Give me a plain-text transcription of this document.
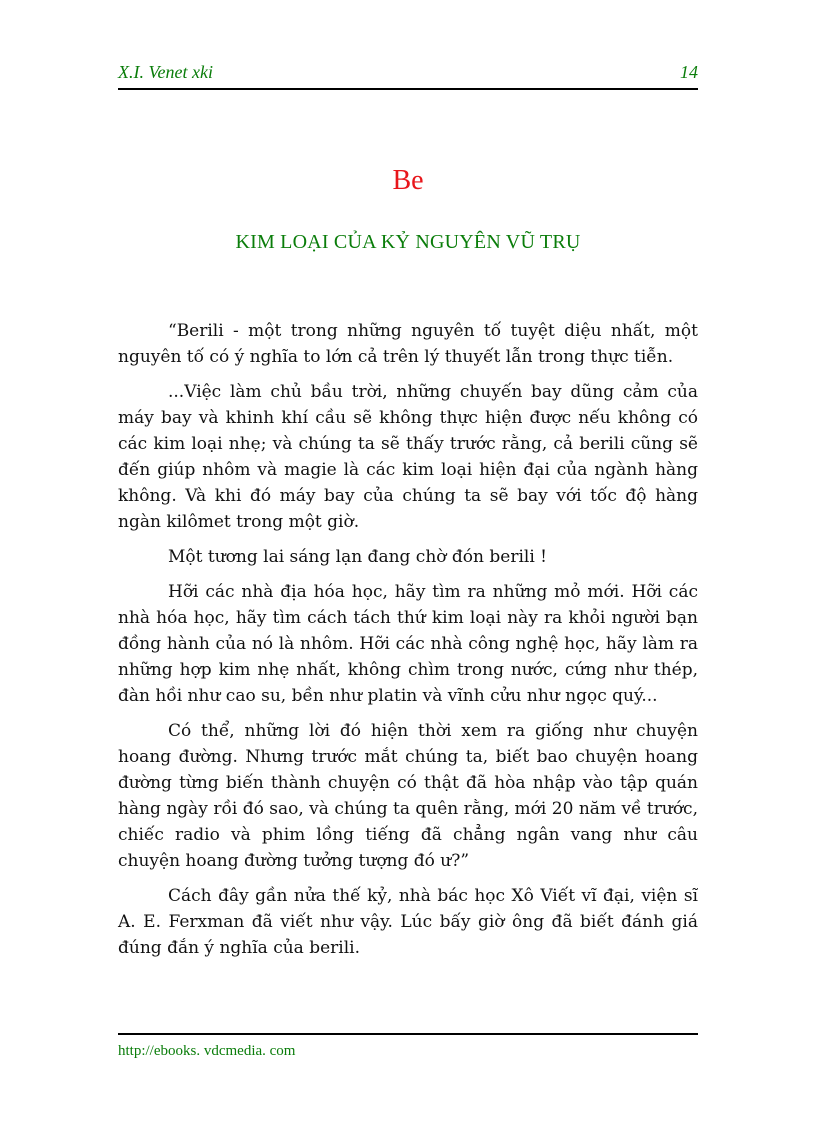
X.I. Venet xki	14
Be
KIM LOẠI CỦA KỶ NGUYÊN VŨ TRỤ

“Berili - một trong những nguyên tố tuyệt diệu nhất, một nguyên tố có ý nghĩa to lớn cả trên lý thuyết lẫn trong thực tiễn.

...Việc làm chủ bầu trời, những chuyến bay dũng cảm của máy bay và khinh khí cầu sẽ không thực hiện được nếu không có các kim loại nhẹ; và chúng ta sẽ thấy trước rằng, cả berili cũng sẽ đến giúp nhôm và magie là các kim loại hiện đại của ngành hàng không. Và khi đó máy bay của chúng ta sẽ bay với tốc độ hàng ngàn kilômet trong một giờ.

Một tương lai sáng lạn đang chờ đón berili !

Hỡi các nhà địa hóa học, hãy tìm ra những mỏ mới. Hỡi các nhà hóa học, hãy tìm cách tách thứ kim loại này ra khỏi người bạn đồng hành của nó là nhôm. Hỡi các nhà công nghệ học, hãy làm ra những hợp kim nhẹ nhất, không chìm trong nước, cứng như thép, đàn hồi như cao su, bền như platin và vĩnh cửu như ngọc quý...

Có thể, những lời đó hiện thời xem ra giống như chuyện hoang đường. Nhưng trước mắt chúng ta, biết bao chuyện hoang đường từng biến thành chuyện có thật đã hòa nhập vào tập quán hàng ngày rồi đó sao, và chúng ta quên rằng, mới 20 năm về trước, chiếc radio và phim lồng tiếng đã chẳng ngân vang như câu chuyện hoang đường tưởng tượng đó ư?”

Cách đây gần nửa thế kỷ, nhà bác học Xô Viết vĩ đại, viện sĩ A. E. Ferxman đã viết như vậy. Lúc bấy giờ ông đã biết đánh giá đúng đắn ý nghĩa của berili.

http://ebooks. vdcmedia. com
